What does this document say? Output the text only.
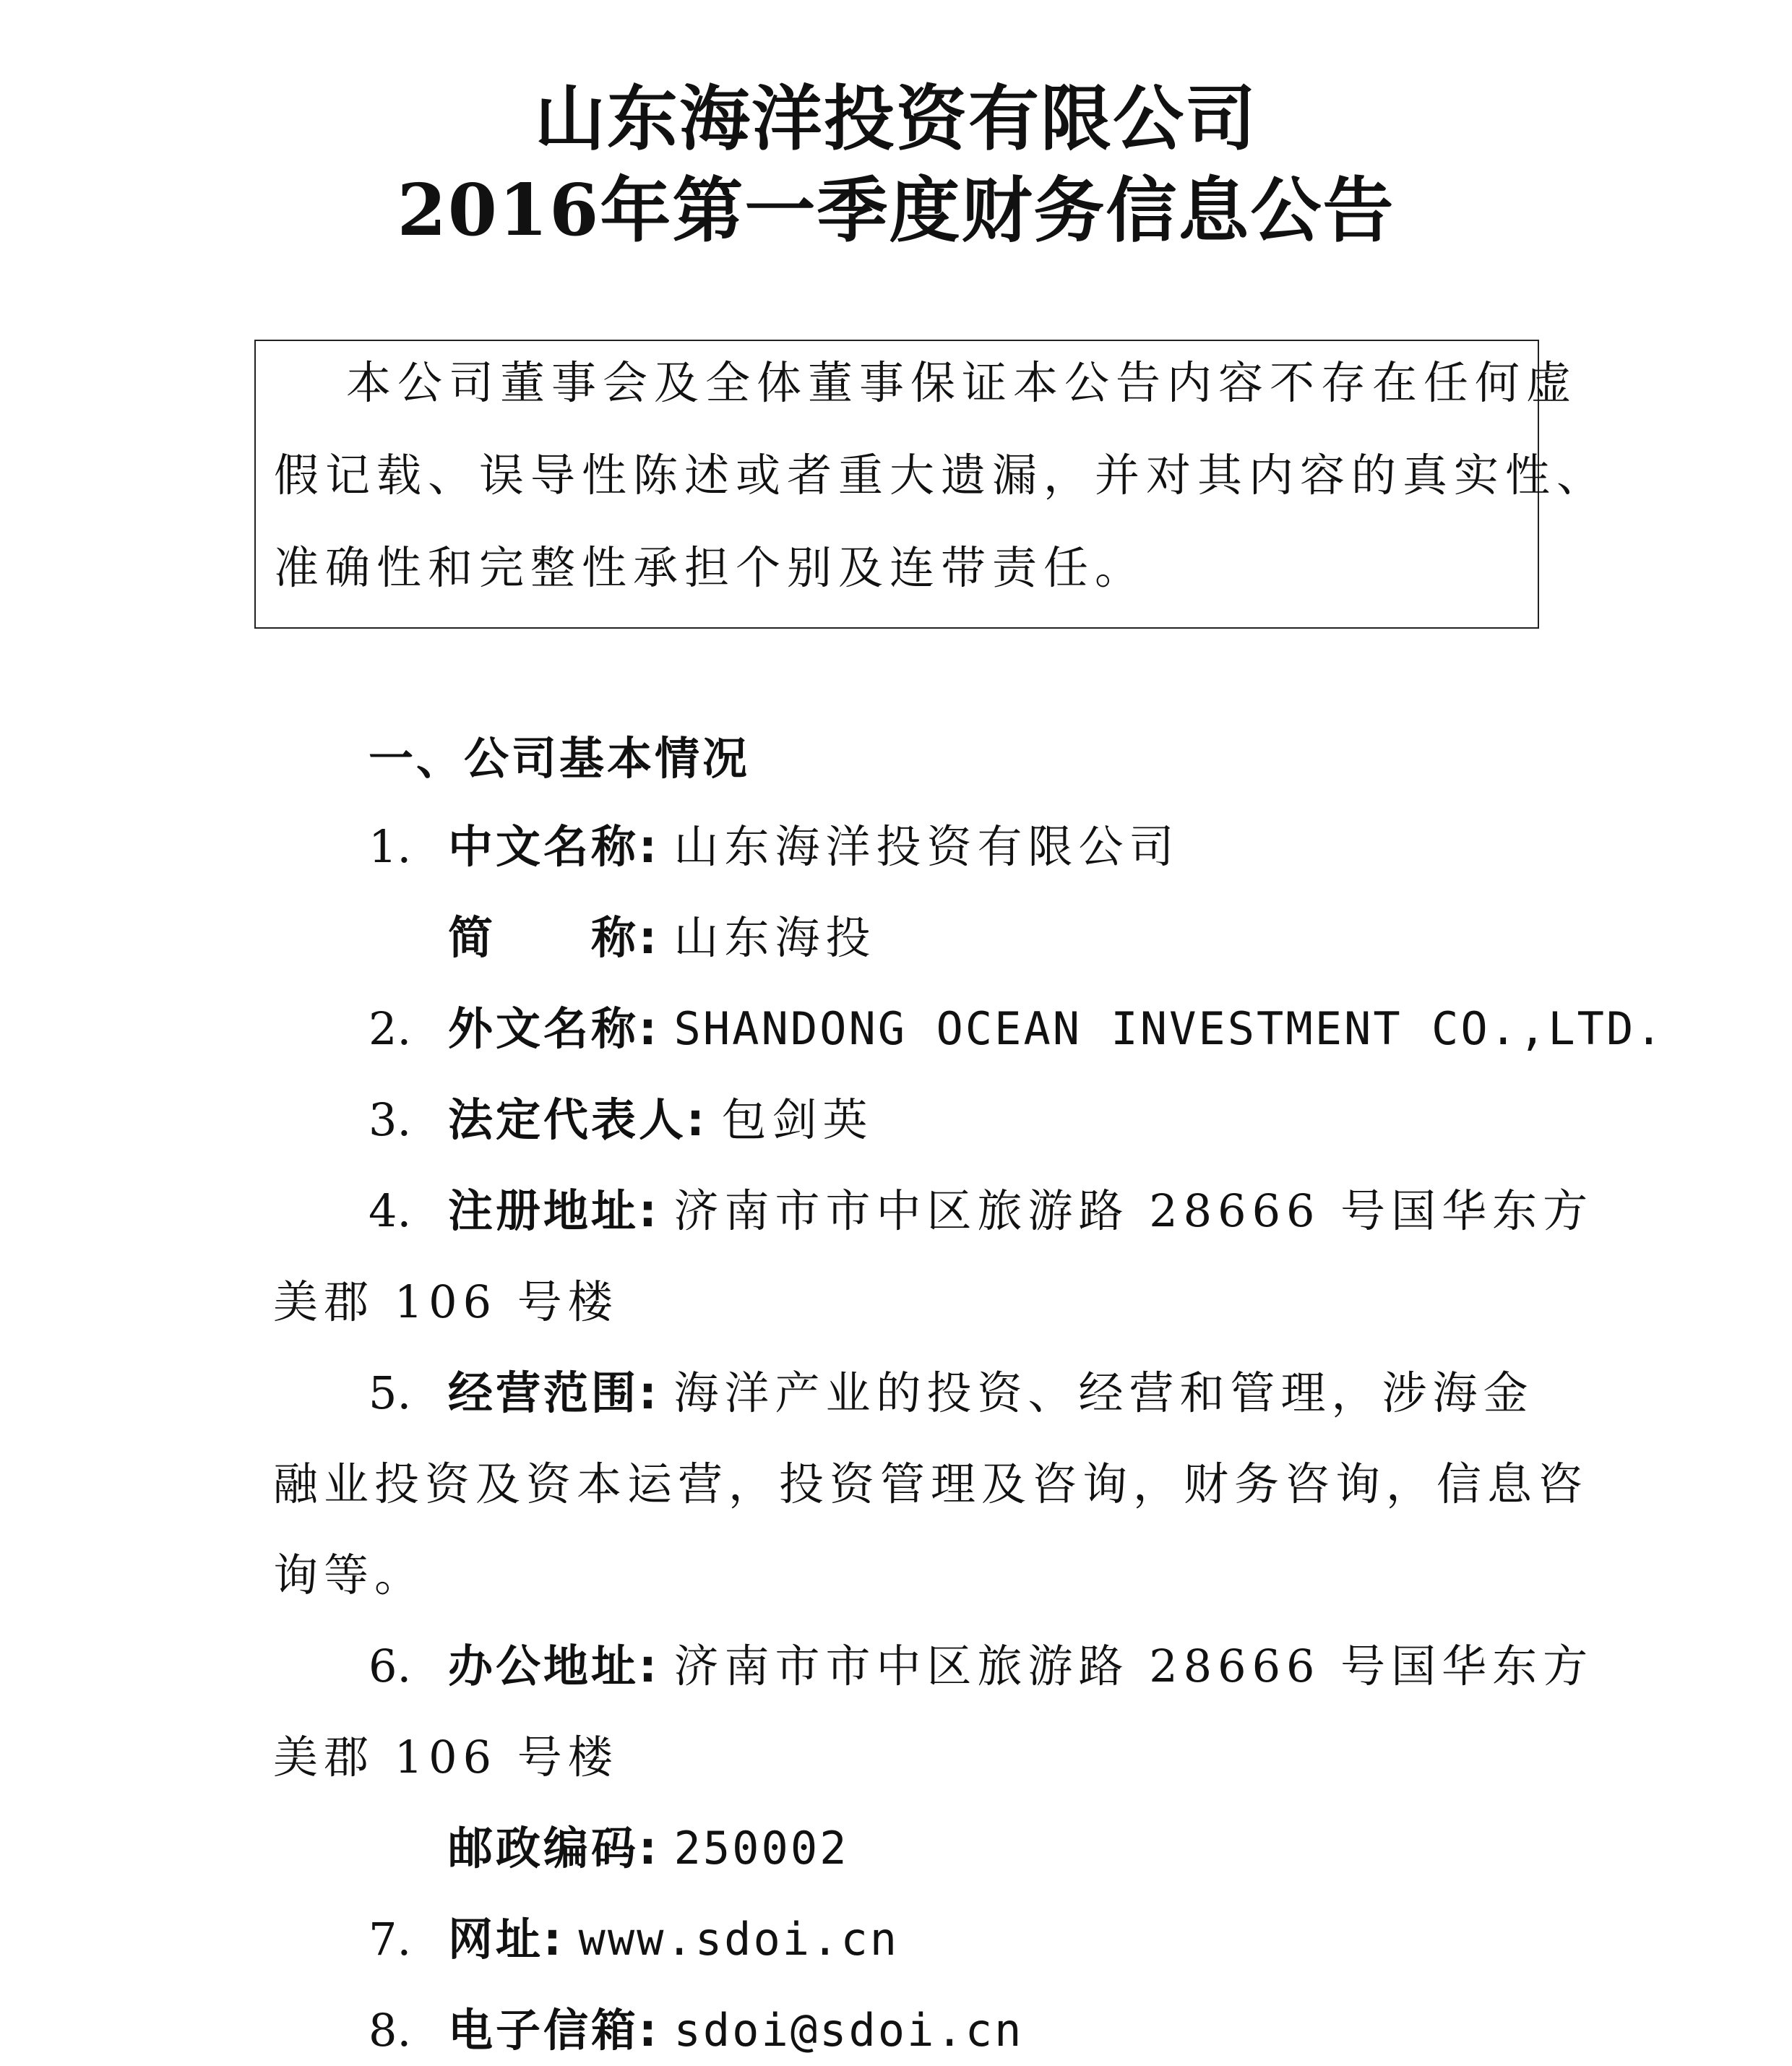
山东海洋投资有限公司
2016年第一季度财务信息公告
本公司董事会及全体董事保证本公告内容不存在任何虚
假记载、误导性陈述或者重大遗漏，并对其内容的真实性、
准确性和完整性承担个别及连带责任。
一、公司基本情况
1. 中文名称: 山东海洋投资有限公司
简　　称: 山东海投
2. 外文名称: SHANDONG OCEAN INVESTMENT CO.,LTD.
3. 法定代表人: 包剑英
4. 注册地址: 济南市市中区旅游路 28666 号国华东方
美郡 106 号楼
5. 经营范围: 海洋产业的投资、经营和管理，涉海金
融业投资及资本运营，投资管理及咨询，财务咨询，信息咨
询等。
6. 办公地址: 济南市市中区旅游路 28666 号国华东方
美郡 106 号楼
邮政编码: 250002
7. 网址: www.sdoi.cn
8. 电子信箱: sdoi@sdoi.cn
